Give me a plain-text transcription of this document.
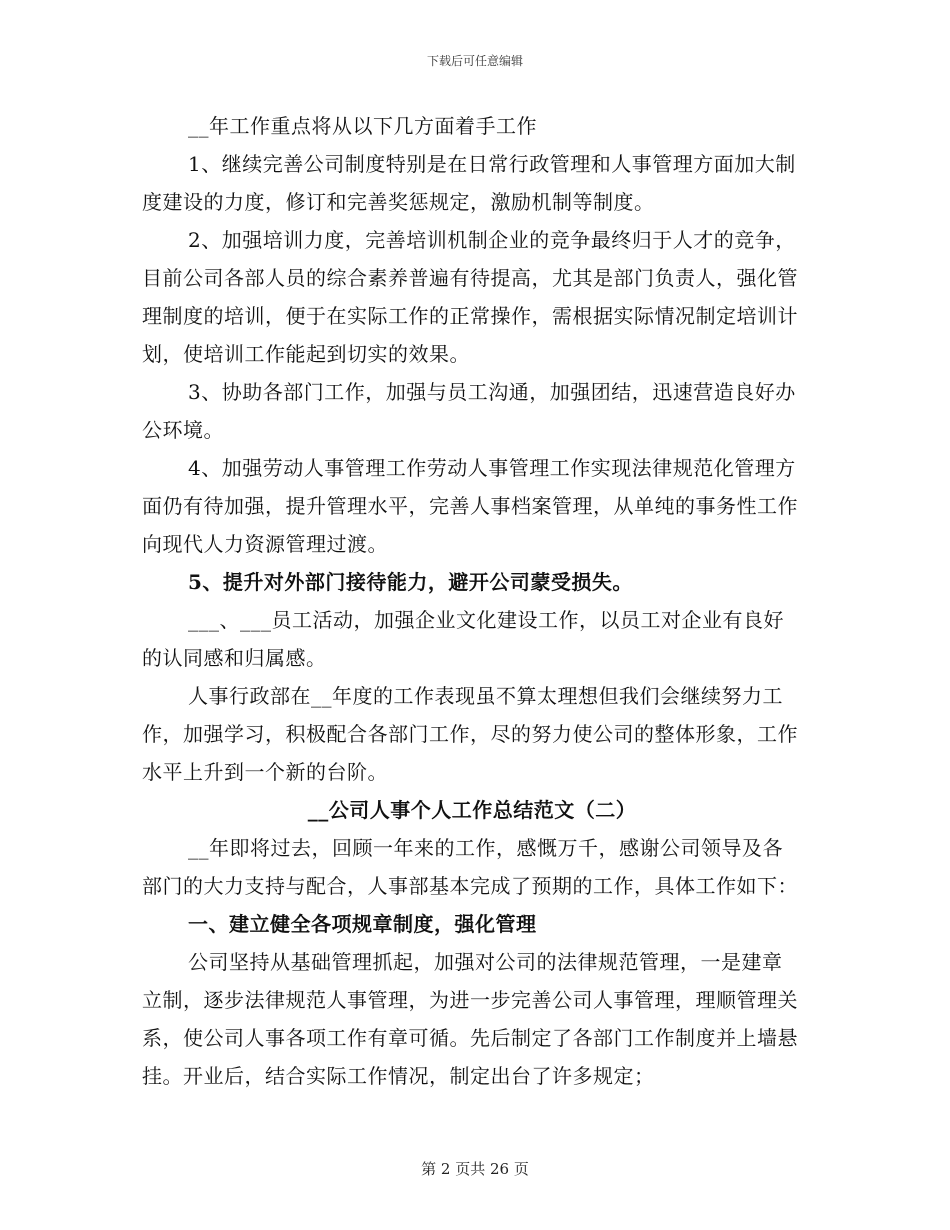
下载后可任意编辑

__年工作重点将从以下几方面着手工作

1、继续完善公司制度特别是在日常行政管理和人事管理方面加大制度建设的力度，修订和完善奖惩规定，激励机制等制度。

2、加强培训力度，完善培训机制企业的竞争最终归于人才的竞争，目前公司各部人员的综合素养普遍有待提高，尤其是部门负责人，强化管理制度的培训，便于在实际工作的正常操作，需根据实际情况制定培训计划，使培训工作能起到切实的效果。

3、协助各部门工作，加强与员工沟通，加强团结，迅速营造良好办公环境。

4、加强劳动人事管理工作劳动人事管理工作实现法律规范化管理方面仍有待加强，提升管理水平，完善人事档案管理，从单纯的事务性工作向现代人力资源管理过渡。

5、提升对外部门接待能力，避开公司蒙受损失。

___、___员工活动，加强企业文化建设工作，以员工对企业有良好的认同感和归属感。

人事行政部在__年度的工作表现虽不算太理想但我们会继续努力工作，加强学习，积极配合各部门工作，尽的努力使公司的整体形象，工作水平上升到一个新的台阶。

__公司人事个人工作总结范文（二）

__年即将过去，回顾一年来的工作，感慨万千，感谢公司领导及各部门的大力支持与配合，人事部基本完成了预期的工作，具体工作如下：

一、建立健全各项规章制度，强化管理

公司坚持从基础管理抓起，加强对公司的法律规范管理，一是建章立制，逐步法律规范人事管理，为进一步完善公司人事管理，理顺管理关系，使公司人事各项工作有章可循。先后制定了各部门工作制度并上墙悬挂。开业后，结合实际工作情况，制定出台了许多规定；

第 2 页共 26 页
